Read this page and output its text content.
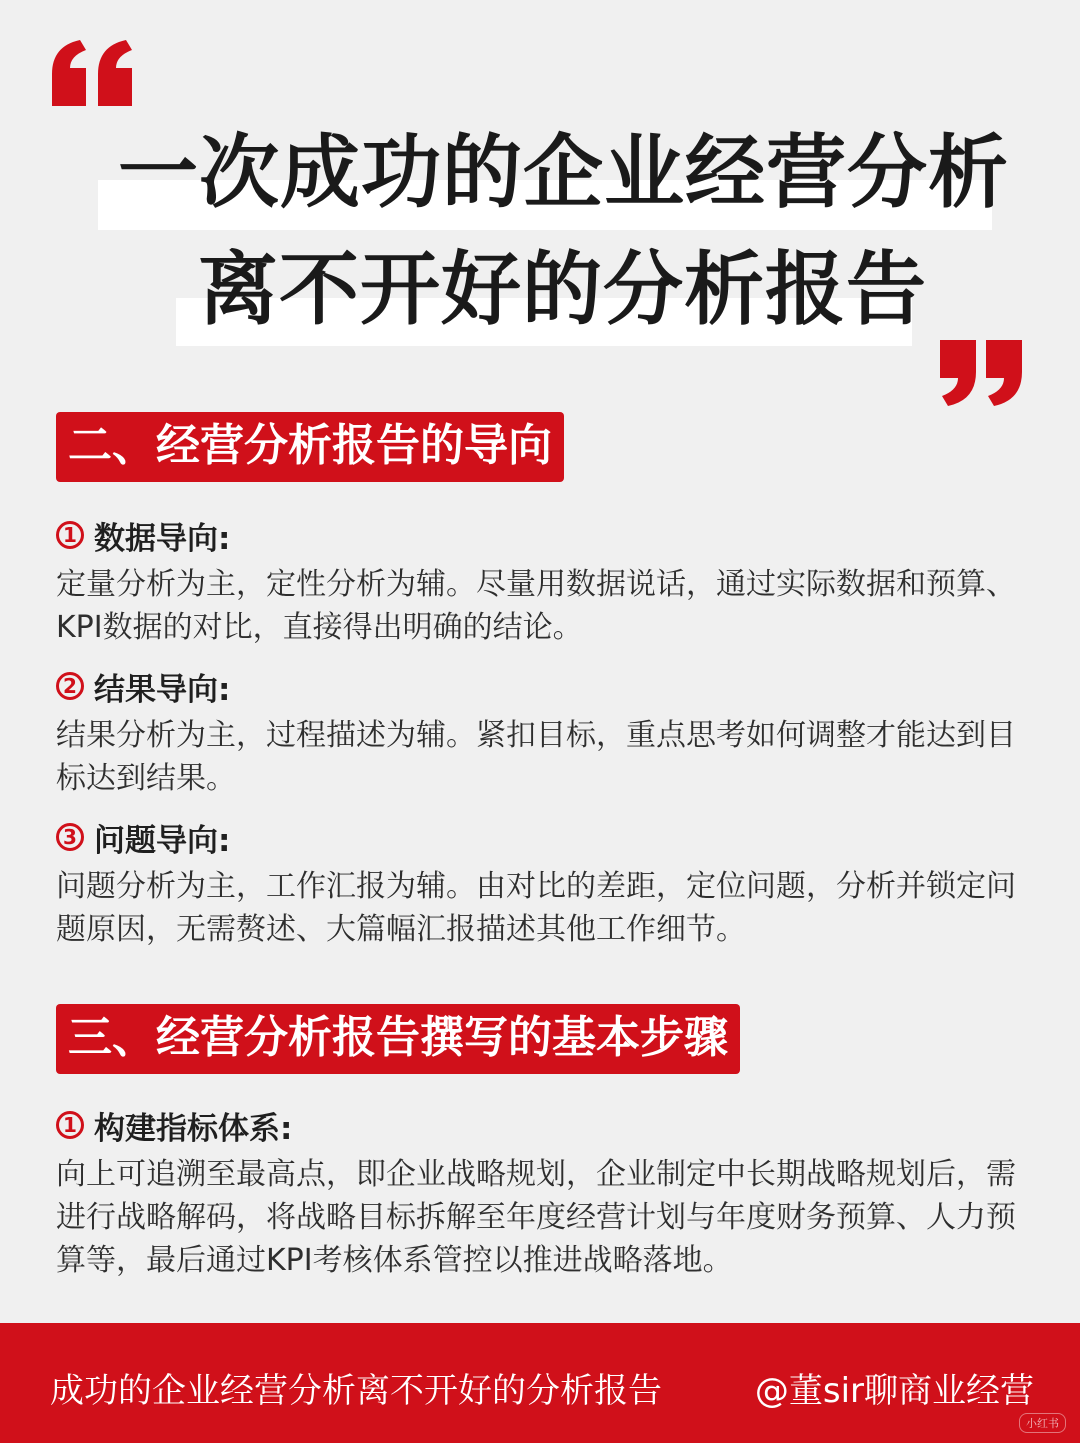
一次成功的企业经营分析
离不开好的分析报告
二、经营分析报告的导向
1 数据导向:
定量分析为主，定性分析为辅。尽量用数据说话，通过实际数据和预算、KPI数据的对比，直接得出明确的结论。
2 结果导向:
结果分析为主，过程描述为辅。紧扣目标，重点思考如何调整才能达到目标达到结果。
3 问题导向:
问题分析为主，工作汇报为辅。由对比的差距，定位问题，分析并锁定问题原因，无需赘述、大篇幅汇报描述其他工作细节。
三、经营分析报告撰写的基本步骤
1 构建指标体系:
向上可追溯至最高点，即企业战略规划，企业制定中长期战略规划后，需进行战略解码，将战略目标拆解至年度经营计划与年度财务预算、人力预算等，最后通过KPI考核体系管控以推进战略落地。
成功的企业经营分析离不开好的分析报告	@董sir聊商业经营
小红书
